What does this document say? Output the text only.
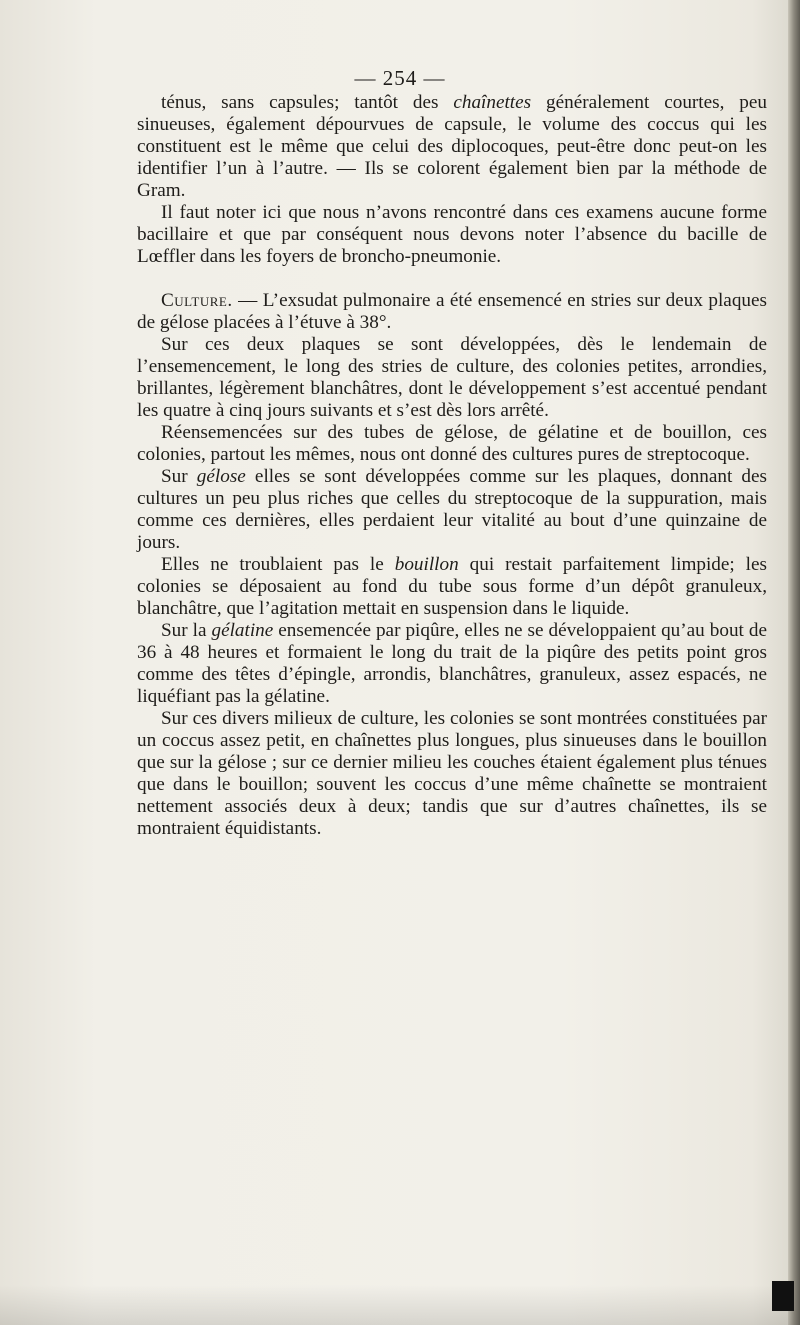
— 254 —

ténus, sans capsules; tantôt des chaînettes généralement courtes, peu sinueuses, également dépourvues de capsule, le volume des coccus qui les constituent est le même que celui des diplocoques, peut-être donc peut-on les identifier l’un à l’autre. — Ils se colorent également bien par la méthode de Gram.

Il faut noter ici que nous n’avons rencontré dans ces examens aucune forme bacillaire et que par conséquent nous devons noter l’absence du bacille de Lœffler dans les foyers de broncho-pneumonie.

Culture. — L’exsudat pulmonaire a été ensemencé en stries sur deux plaques de gélose placées à l’étuve à 38°.

Sur ces deux plaques se sont développées, dès le lendemain de l’ensemencement, le long des stries de culture, des colonies petites, arrondies, brillantes, légèrement blanchâtres, dont le développement s’est accentué pendant les quatre à cinq jours suivants et s’est dès lors arrêté.

Réensemencées sur des tubes de gélose, de gélatine et de bouillon, ces colonies, partout les mêmes, nous ont donné des cultures pures de streptocoque.

Sur gélose elles se sont développées comme sur les plaques, donnant des cultures un peu plus riches que celles du streptocoque de la suppuration, mais comme ces dernières, elles perdaient leur vitalité au bout d’une quinzaine de jours.

Elles ne troublaient pas le bouillon qui restait parfaitement limpide; les colonies se déposaient au fond du tube sous forme d’un dépôt granuleux, blanchâtre, que l’agitation mettait en suspension dans le liquide.

Sur la gélatine ensemencée par piqûre, elles ne se développaient qu’au bout de 36 à 48 heures et formaient le long du trait de la piqûre des petits point gros comme des têtes d’épingle, arrondis, blanchâtres, granuleux, assez espacés, ne liquéfiant pas la gélatine.

Sur ces divers milieux de culture, les colonies se sont montrées constituées par un coccus assez petit, en chaînettes plus longues, plus sinueuses dans le bouillon que sur la gélose ; sur ce dernier milieu les couches étaient également plus ténues que dans le bouillon; souvent les coccus d’une même chaînette se montraient nettement associés deux à deux; tandis que sur d’autres chaînettes, ils se montraient équidistants.
